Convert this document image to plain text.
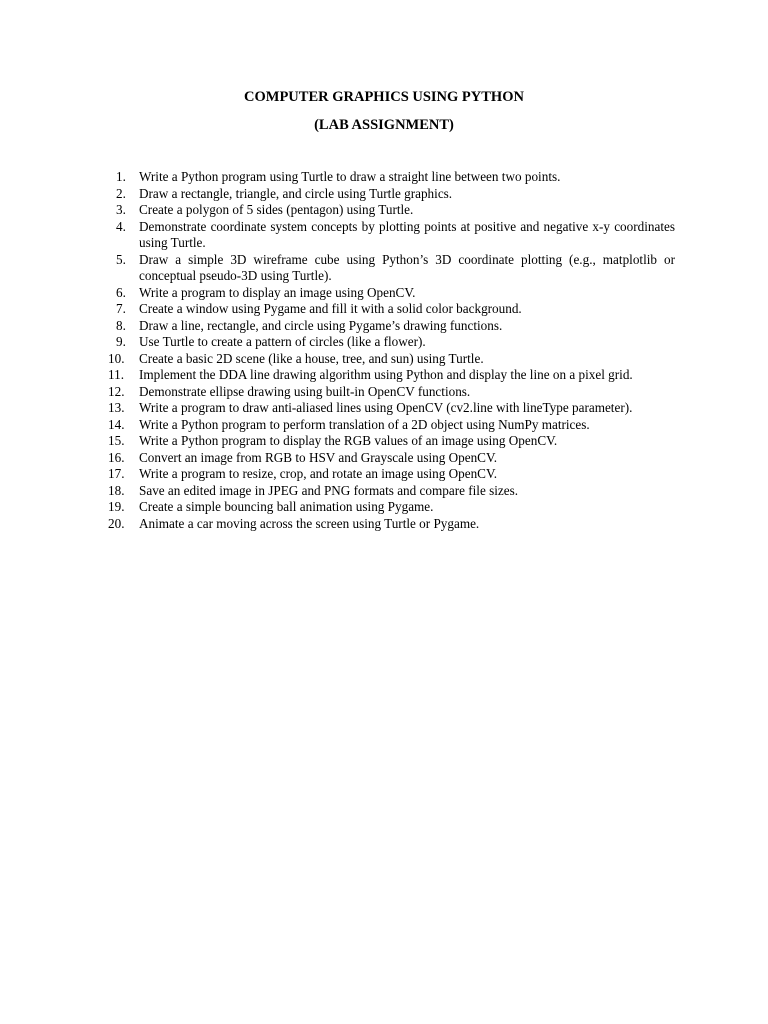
COMPUTER GRAPHICS USING PYTHON
(LAB ASSIGNMENT)
1. Write a Python program using Turtle to draw a straight line between two points.
2. Draw a rectangle, triangle, and circle using Turtle graphics.
3. Create a polygon of 5 sides (pentagon) using Turtle.
4. Demonstrate coordinate system concepts by plotting points at positive and negative x-y coordinates using Turtle.
5. Draw a simple 3D wireframe cube using Python’s 3D coordinate plotting (e.g., matplotlib or conceptual pseudo-3D using Turtle).
6. Write a program to display an image using OpenCV.
7. Create a window using Pygame and fill it with a solid color background.
8. Draw a line, rectangle, and circle using Pygame’s drawing functions.
9. Use Turtle to create a pattern of circles (like a flower).
10.	Create a basic 2D scene (like a house, tree, and sun) using Turtle.
11.	Implement the DDA line drawing algorithm using Python and display the line on a pixel grid.
12.	Demonstrate ellipse drawing using built-in OpenCV functions.
13.	Write a program to draw anti-aliased lines using OpenCV (cv2.line with lineType parameter).
14.	Write a Python program to perform translation of a 2D object using NumPy matrices.
15.	Write a Python program to display the RGB values of an image using OpenCV.
16.	Convert an image from RGB to HSV and Grayscale using OpenCV.
17.	Write a program to resize, crop, and rotate an image using OpenCV.
18.	Save an edited image in JPEG and PNG formats and compare file sizes.
19.	Create a simple bouncing ball animation using Pygame.
20.	Animate a car moving across the screen using Turtle or Pygame.
